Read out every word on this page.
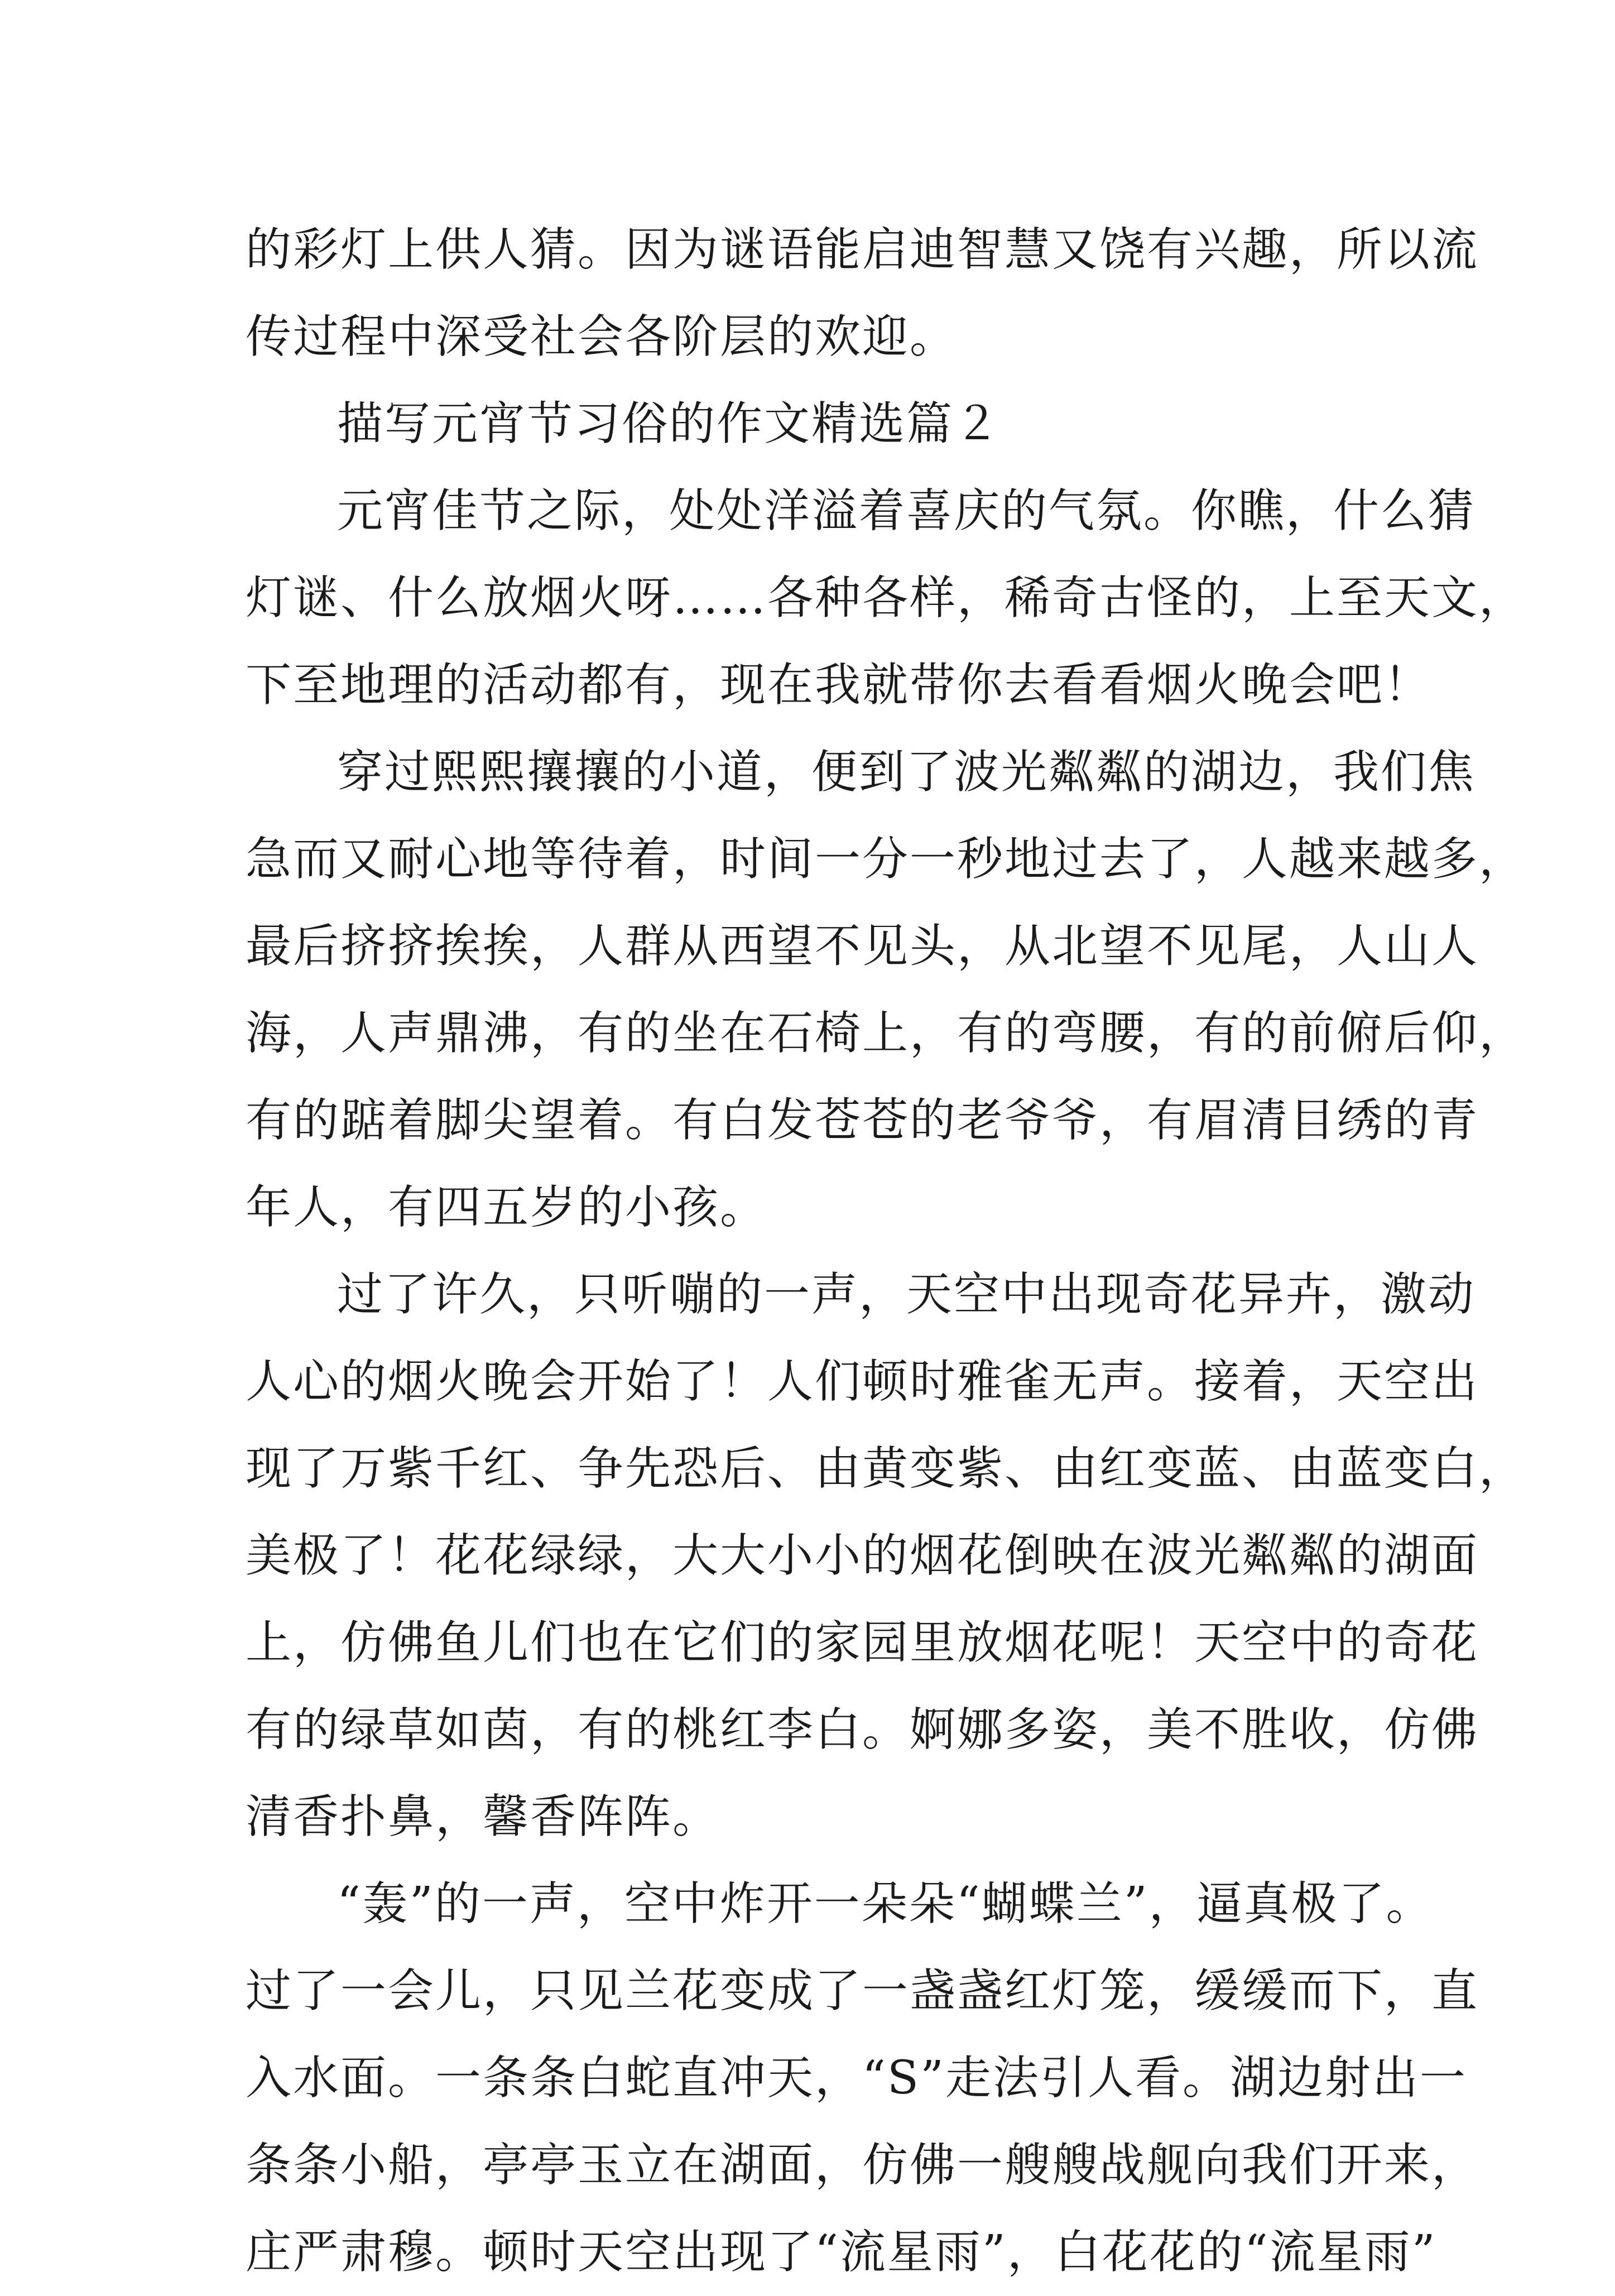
的彩灯上供人猜。因为谜语能启迪智慧又饶有兴趣，所以流
传过程中深受社会各阶层的欢迎。
描写元宵节习俗的作文精选篇２
元宵佳节之际，处处洋溢着喜庆的气氛。你瞧，什么猜
灯谜、什么放烟火呀……各种各样，稀奇古怪的，上至天文，
下至地理的活动都有，现在我就带你去看看烟火晚会吧！
穿过熙熙攘攘的小道，便到了波光粼粼的湖边，我们焦
急而又耐心地等待着，时间一分一秒地过去了，人越来越多，
最后挤挤挨挨，人群从西望不见头，从北望不见尾，人山人
海，人声鼎沸，有的坐在石椅上，有的弯腰，有的前俯后仰，
有的踮着脚尖望着。有白发苍苍的老爷爷，有眉清目绣的青
年人，有四五岁的小孩。
过了许久，只听嘣的一声，天空中出现奇花异卉，激动
人心的烟火晚会开始了！人们顿时雅雀无声。接着，天空出
现了万紫千红、争先恐后、由黄变紫、由红变蓝、由蓝变白，
美极了！花花绿绿，大大小小的烟花倒映在波光粼粼的湖面
上，仿佛鱼儿们也在它们的家园里放烟花呢！天空中的奇花
有的绿草如茵，有的桃红李白。婀娜多姿，美不胜收，仿佛
清香扑鼻，馨香阵阵。
“轰”的一声，空中炸开一朵朵“蝴蝶兰”，逼真极了。
过了一会儿，只见兰花变成了一盏盏红灯笼，缓缓而下，直
入水面。一条条白蛇直冲天，“S”走法引人看。湖边射出一
条条小船，亭亭玉立在湖面，仿佛一艘艘战舰向我们开来，
庄严肃穆。顿时天空出现了“流星雨”，白花花的“流星雨”
